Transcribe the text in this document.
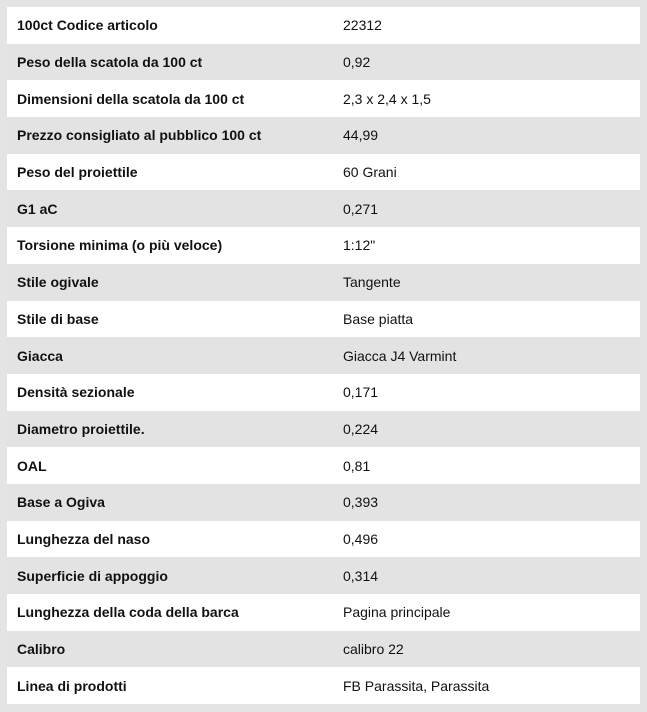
100ct Codice articolo	22312
Peso della scatola da 100 ct	0,92
Dimensioni della scatola da 100 ct	2,3 x 2,4 x 1,5
Prezzo consigliato al pubblico 100 ct	44,99
Peso del proiettile	60 Grani
G1 aC	0,271
Torsione minima (o più veloce)	1:12"
Stile ogivale	Tangente
Stile di base	Base piatta
Giacca	Giacca J4 Varmint
Densità sezionale	0,171
Diametro proiettile.	0,224
OAL	0,81
Base a Ogiva	0,393
Lunghezza del naso	0,496
Superficie di appoggio	0,314
Lunghezza della coda della barca	Pagina principale
Calibro	calibro 22
Linea di prodotti	FB Parassita, Parassita
